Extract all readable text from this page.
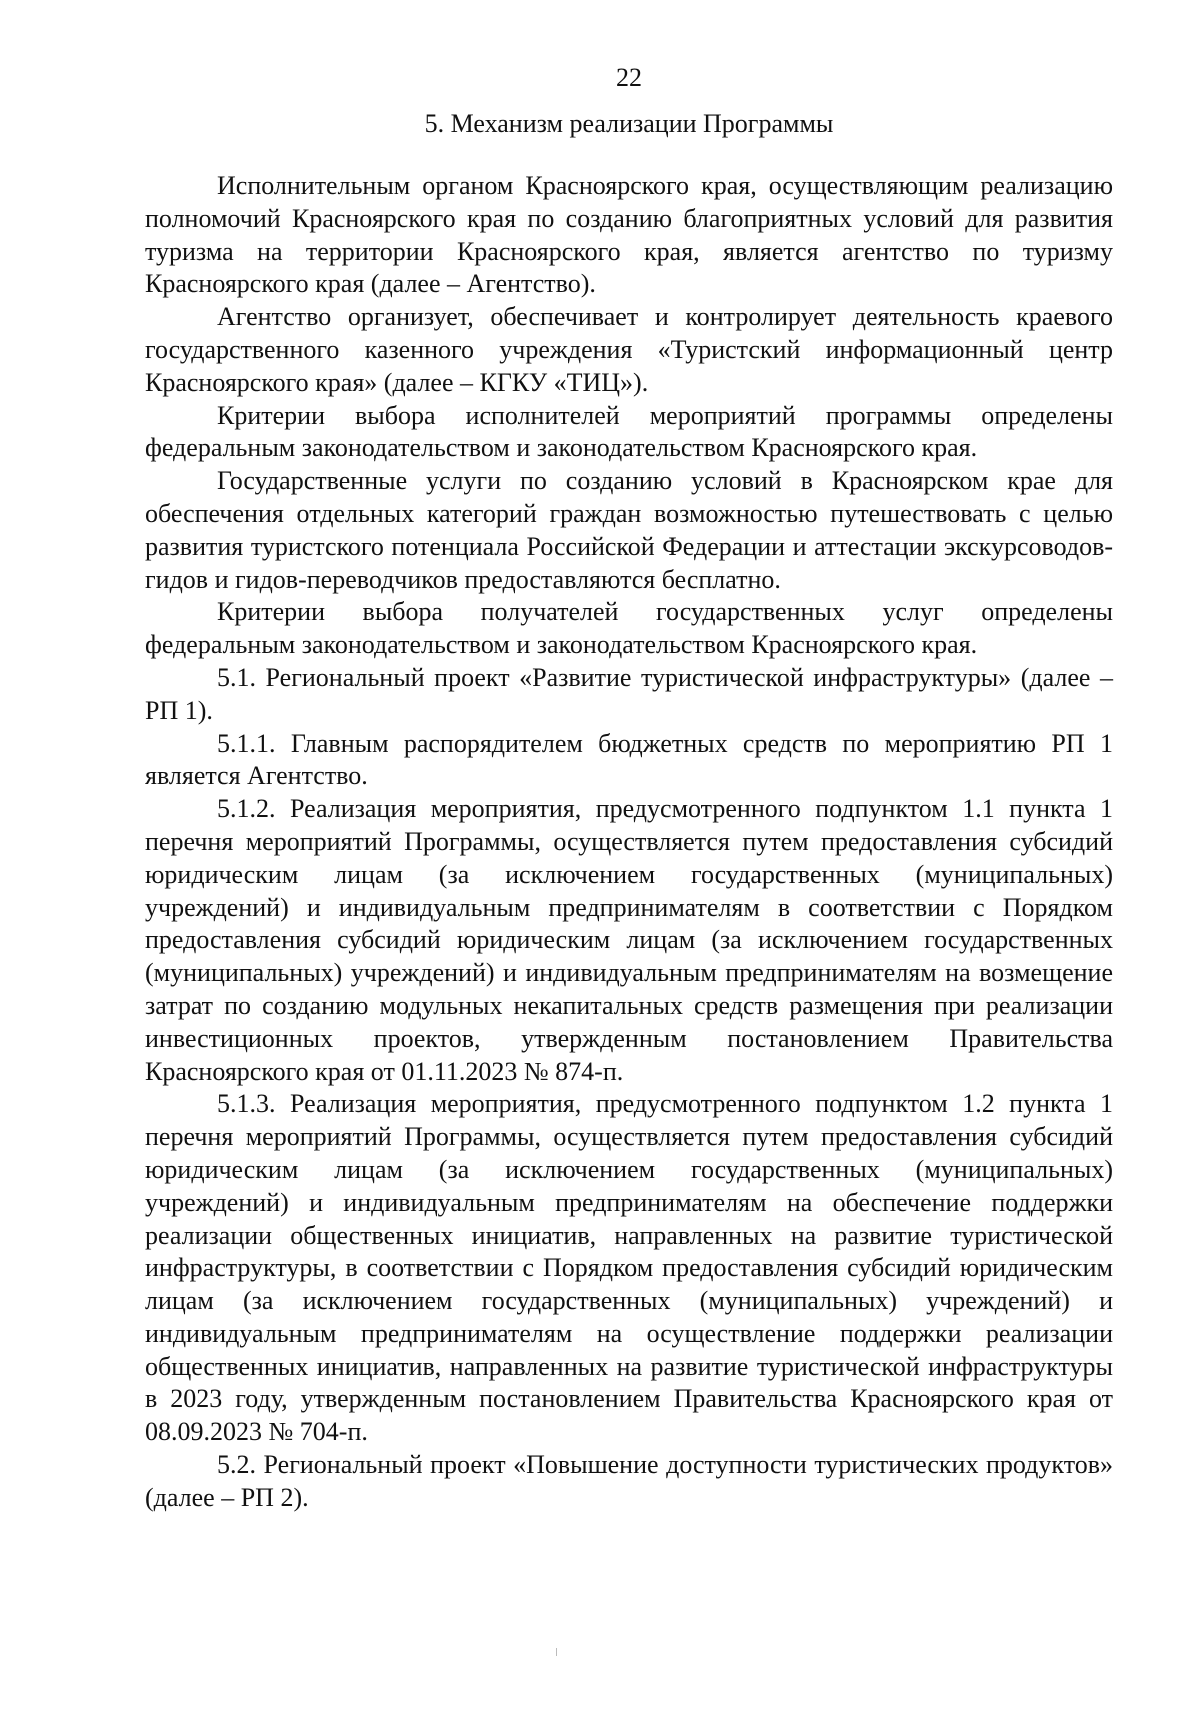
22
5. Механизм реализации Программы

Исполнительным органом Красноярского края, осуществляющим реализацию полномочий Красноярского края по созданию благоприятных условий для развития туризма на территории Красноярского края, является агентство по туризму Красноярского края (далее – Агентство).

Агентство организует, обеспечивает и контролирует деятельность краевого государственного казенного учреждения «Туристский информационный центр Красноярского края» (далее – КГКУ «ТИЦ»).

Критерии выбора исполнителей мероприятий программы определены федеральным законодательством и законодательством Красноярского края.

Государственные услуги по созданию условий в Красноярском крае для обеспечения отдельных категорий граждан возможностью путешествовать с целью развития туристского потенциала Российской Федерации и аттестации экскурсоводов-гидов и гидов-переводчиков предоставляются бесплатно.

Критерии выбора получателей государственных услуг определены федеральным законодательством и законодательством Красноярского края.

5.1. Региональный проект «Развитие туристической инфраструктуры» (далее – РП 1).

5.1.1. Главным распорядителем бюджетных средств по мероприятию РП 1 является Агентство.

5.1.2. Реализация мероприятия, предусмотренного подпунктом 1.1 пункта 1 перечня мероприятий Программы, осуществляется путем предоставления субсидий юридическим лицам (за исключением государственных (муниципальных) учреждений) и индивидуальным предпринимателям в соответствии с Порядком предоставления субсидий юридическим лицам (за исключением государственных (муниципальных) учреждений) и индивидуальным предпринимателям на возмещение затрат по созданию модульных некапитальных средств размещения при реализации инвестиционных проектов, утвержденным постановлением Правительства Красноярского края от 01.11.2023 № 874-п.

5.1.3. Реализация мероприятия, предусмотренного подпунктом 1.2 пункта 1 перечня мероприятий Программы, осуществляется путем предоставления субсидий юридическим лицам (за исключением государственных (муниципальных) учреждений) и индивидуальным предпринимателям на обеспечение поддержки реализации общественных инициатив, направленных на развитие туристической инфраструктуры, в соответствии с Порядком предоставления субсидий юридическим лицам (за исключением государственных (муниципальных) учреждений) и индивидуальным предпринимателям на осуществление поддержки реализации общественных инициатив, направленных на развитие туристической инфраструктуры в 2023 году, утвержденным постановлением Правительства Красноярского края от 08.09.2023 № 704-п.

5.2. Региональный проект «Повышение доступности туристических продуктов» (далее – РП 2).
